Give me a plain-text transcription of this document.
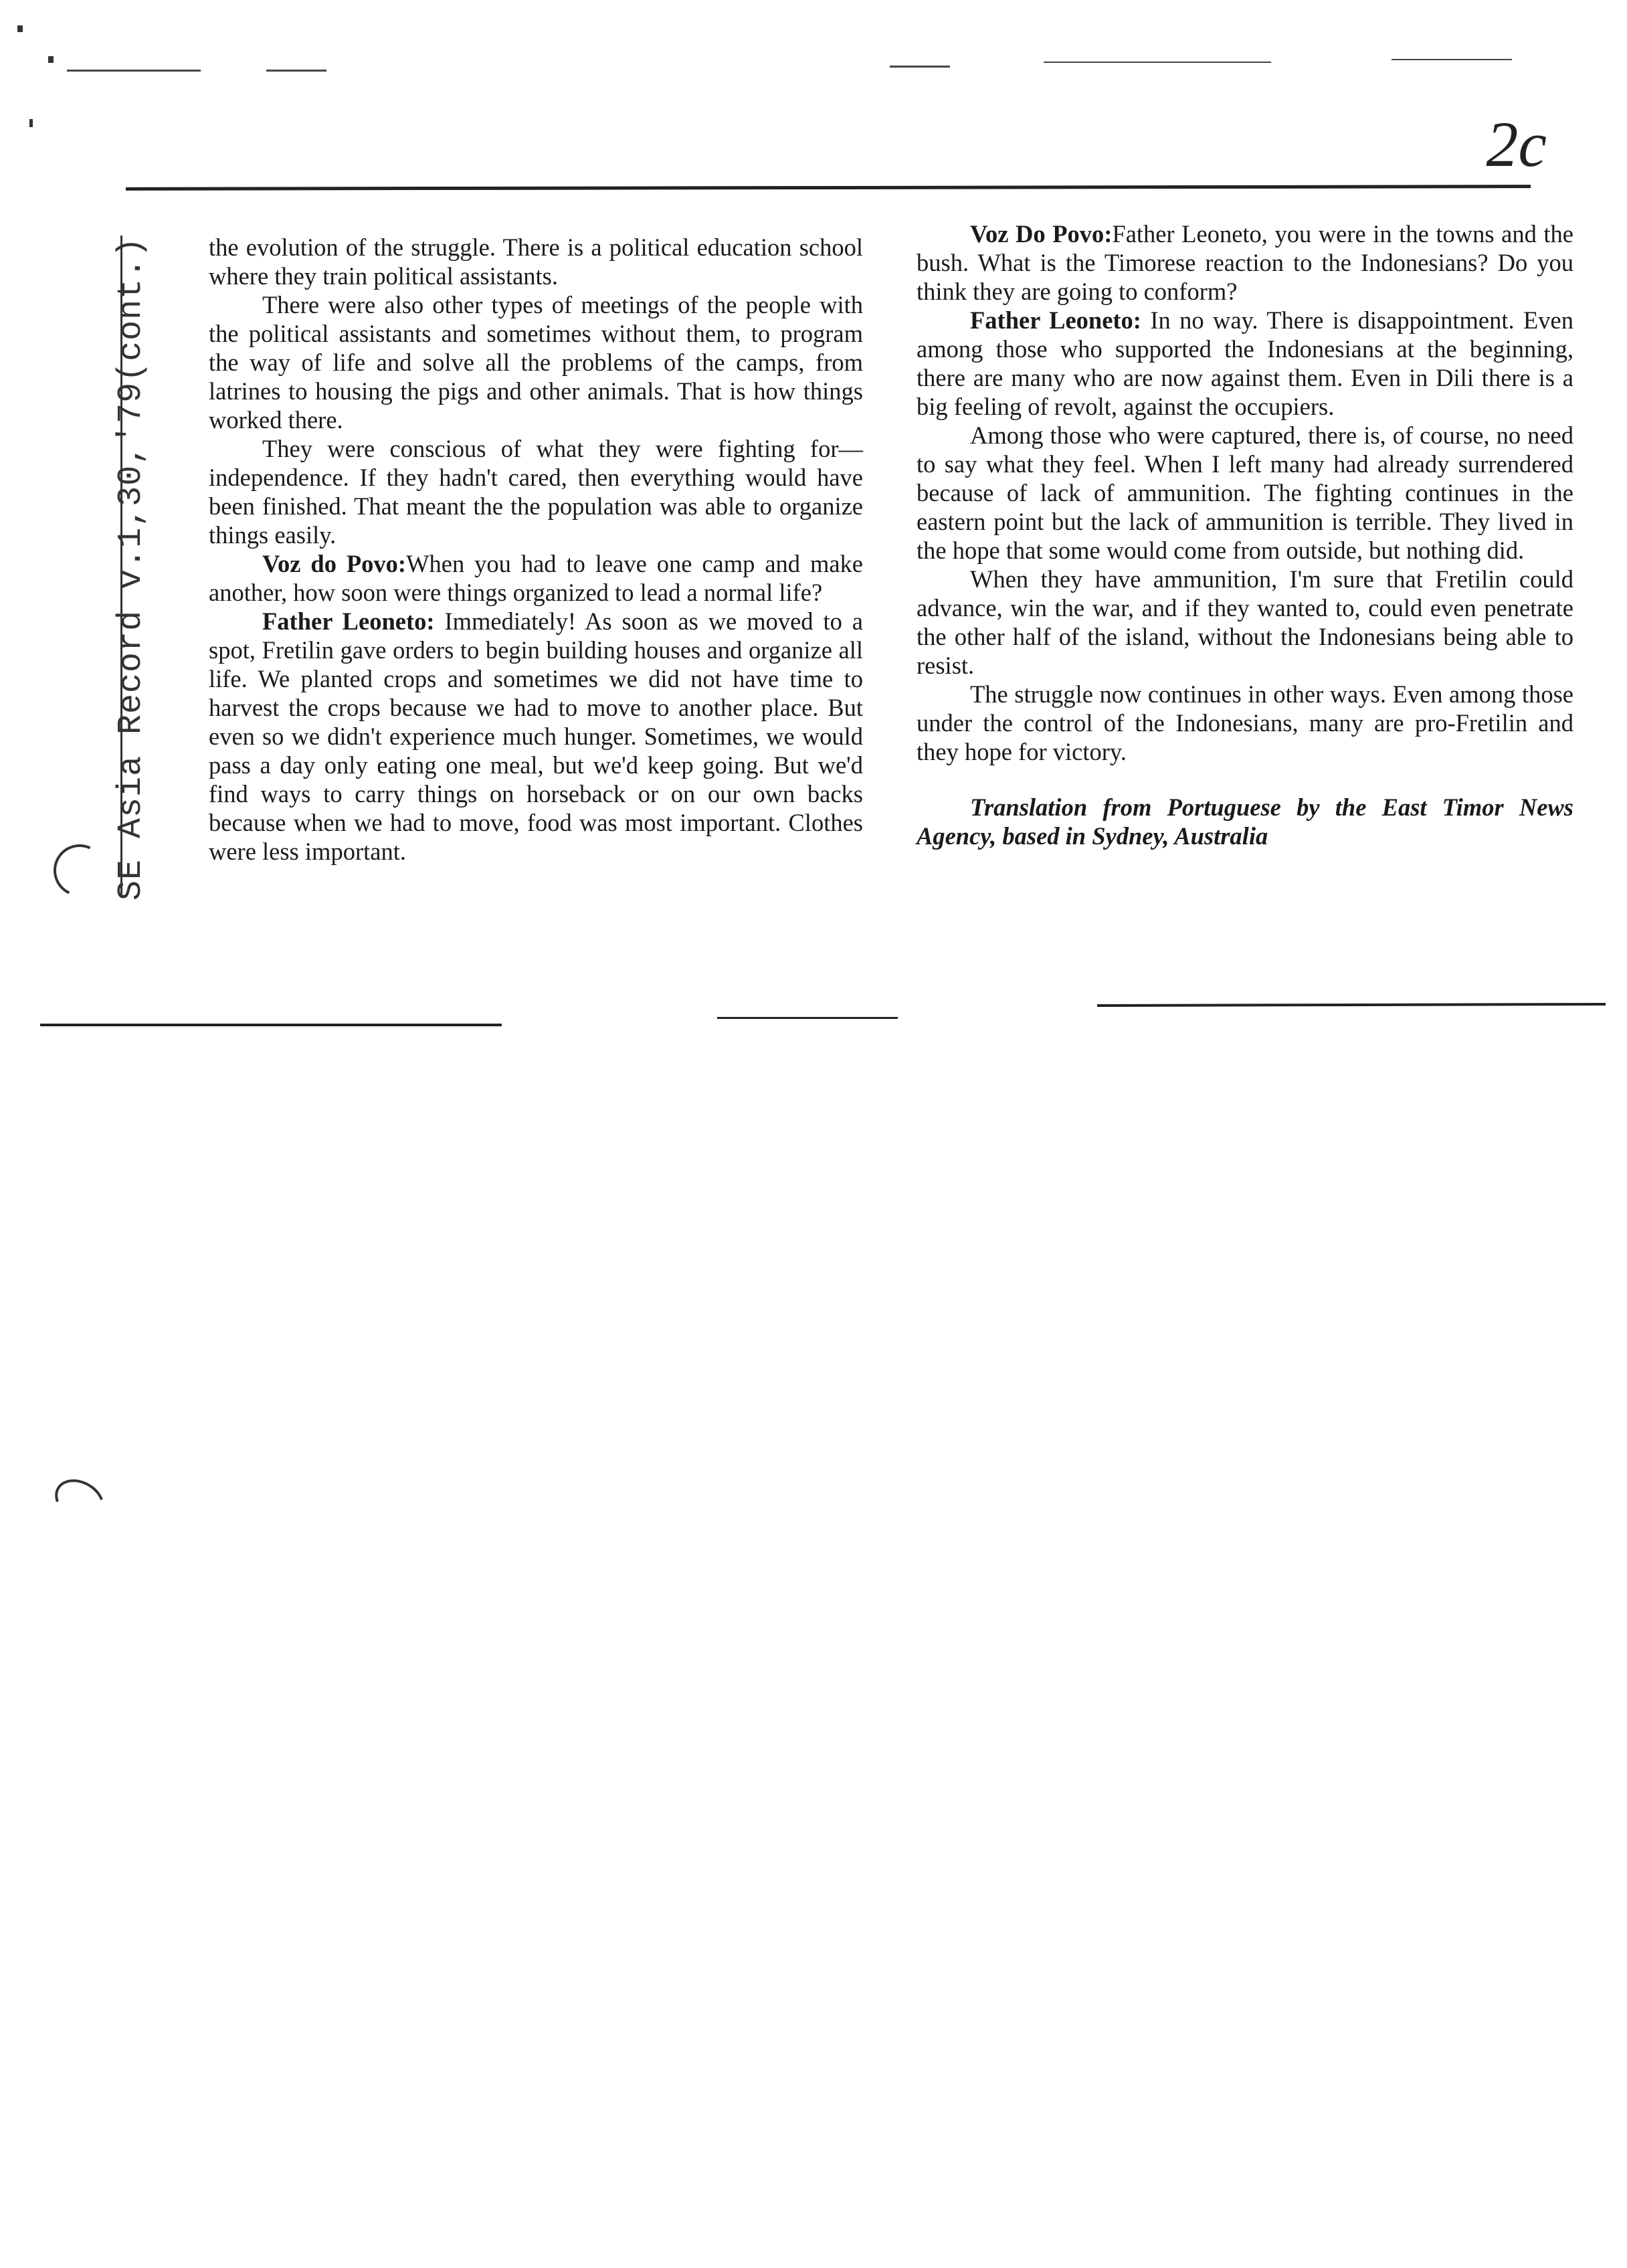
2c
SE Asia Record v.1,30,'79(cont.) the evolution of the struggle. There is a political education school where they train political assistants.

There were also other types of meetings of the people with the political assistants and sometimes without them, to program the way of life and solve all the problems of the camps, from latrines to housing the pigs and other animals. That is how things worked there.

They were conscious of what they were fighting for—independence. If they hadn't cared, then everything would have been finished. That meant the the population was able to organize things easily.

Voz do Povo:When you had to leave one camp and make another, how soon were things organized to lead a normal life?

Father Leoneto: Immediately! As soon as we moved to a spot, Fretilin gave orders to begin building houses and organize all life. We planted crops and sometimes we did not have time to harvest the crops because we had to move to another place. But even so we didn't experience much hunger. Sometimes, we would pass a day only eating one meal, but we'd keep going. But we'd find ways to carry things on horseback or on our own backs because when we had to move, food was most important. Clothes were less important.

Voz Do Povo:Father Leoneto, you were in the towns and the bush. What is the Timorese reaction to the Indonesians? Do you think they are going to conform?

Father Leoneto: In no way. There is disappointment. Even among those who supported the Indonesians at the beginning, there are many who are now against them. Even in Dili there is a big feeling of revolt, against the occupiers.

Among those who were captured, there is, of course, no need to say what they feel. When I left many had already surrendered because of lack of ammunition. The fighting continues in the eastern point but the lack of ammunition is terrible. They lived in the hope that some would come from outside, but nothing did.

When they have ammunition, I'm sure that Fretilin could advance, win the war, and if they wanted to, could even penetrate the other half of the island, without the Indonesians being able to resist.

The struggle now continues in other ways. Even among those under the control of the Indonesians, many are pro-Fretilin and they hope for victory.

Translation from Portuguese by the East Timor News Agency, based in Sydney, Australia
